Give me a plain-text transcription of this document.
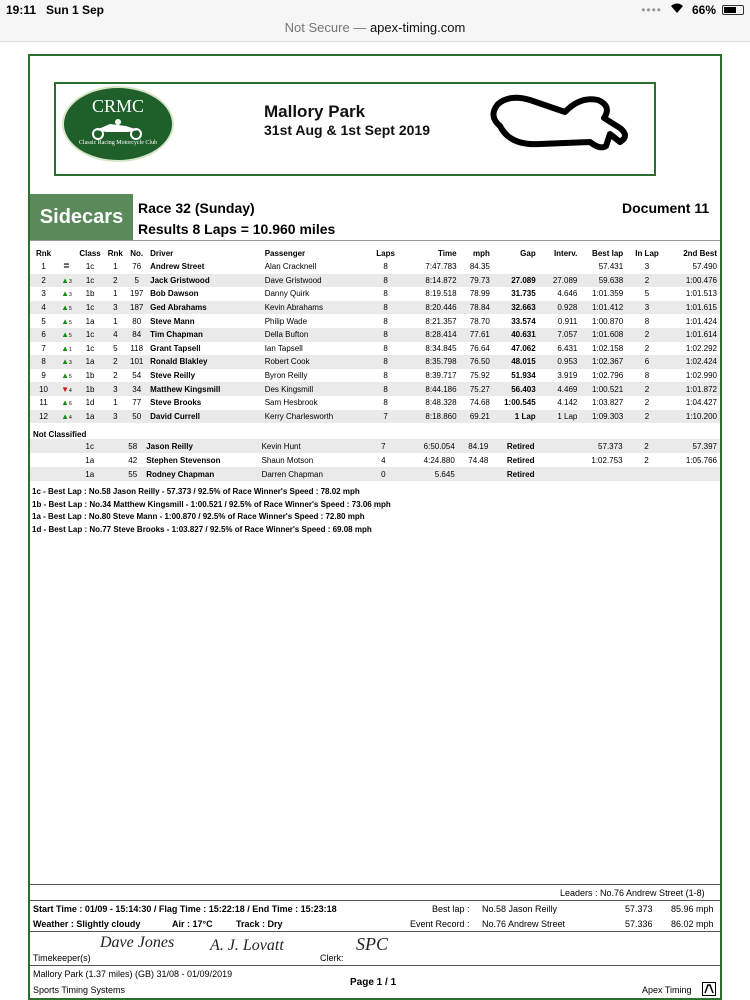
19:11 Sun 1 Sep	•••• 66%
Not Secure — apex-timing.com
CRMC
Classic Racing Motorcycle Club
Mallory Park
31st Aug & 1st Sept 2019
Sidecars	Race 32 (Sunday)
Results 8 Laps = 10.960 miles
Document 11
Rnk		Class	Rnk	No.	Driver	Passenger	Laps	Time	mph	Gap	Interv.	Best lap	In Lap	2nd Best
1	=	1c	1	76	Andrew Street	Alan Cracknell	8	7:47.783	84.35			57.431	3	57.490
2	▲3	1c	2	5	Jack Gristwood	Dave Gristwood	8	8:14.872	79.73	27.089	27.089	59.638	2	1:00.476
3	▲3	1b	1	197	Bob Dawson	Danny Quirk	8	8:19.518	78.99	31.735	4.646	1:01.359	5	1:01.513
4	▲5	1c	3	187	Ged Abrahams	Kevin Abrahams	8	8:20.446	78.84	32.663	0.928	1:01.412	3	1:01.615
5	▲5	1a	1	80	Steve Mann	Philip Wade	8	8:21.357	78.70	33.574	0.911	1:00.870	8	1:01.424
6	▲5	1c	4	84	Tim Chapman	Della Bufton	8	8:28.414	77.61	40.631	7.057	1:01.608	2	1:01.614
7	▲1	1c	5	118	Grant Tapsell	Ian Tapsell	8	8:34.845	76.64	47.062	6.431	1:02.158	2	1:02.292
8	▲3	1a	2	101	Ronald Blakley	Robert Cook	8	8:35.798	76.50	48.015	0.953	1:02.367	6	1:02.424
9	▲5	1b	2	54	Steve Reilly	Byron Reilly	8	8:39.717	75.92	51.934	3.919	1:02.796	8	1:02.990
10	▼4	1b	3	34	Matthew Kingsmill	Des Kingsmill	8	8:44.186	75.27	56.403	4.469	1:00.521	2	1:01.872
11	▲6	1d	1	77	Steve Brooks	Sam Hesbrook	8	8:48.328	74.68	1:00.545	4.142	1:03.827	2	1:04.427
12	▲4	1a	3	50	David Currell	Kerry Charlesworth	7	8:18.860	69.21	1 Lap	1 Lap	1:09.303	2	1:10.200
Not Classified
		1c		58	Jason Reilly	Kevin Hunt	7	6:50.054	84.19	Retired		57.373	2	57.397
		1a		42	Stephen Stevenson	Shaun Motson	4	4:24.880	74.48	Retired		1:02.753	2	1:05.766
		1a		55	Rodney Chapman	Darren Chapman	0	5.645		Retired				
1c - Best Lap : No.58 Jason Reilly - 57.373 / 92.5% of Race Winner's Speed : 78.02 mph
1b - Best Lap : No.34 Matthew Kingsmill - 1:00.521 / 92.5% of Race Winner's Speed : 73.06 mph
1a - Best Lap : No.80 Steve Mann - 1:00.870 / 92.5% of Race Winner's Speed : 72.80 mph
1d - Best Lap : No.77 Steve Brooks - 1:03.827 / 92.5% of Race Winner's Speed : 69.08 mph
Leaders : No.76 Andrew Street (1-8)
Start Time : 01/09 - 15:14:30 / Flag Time : 15:22:18 / End Time : 15:23:18
Weather : Slightly cloudy	Air : 17°C	Track : Dry
Best lap : No.58 Jason Reilly	57.373 85.96 mph
Event Record : No.76 Andrew Street	57.336 86.02 mph
Timekeeper(s)
Dave Jones A. J. Lovatt
Clerk:
SPC
Mallory Park (1.37 miles) (GB) 31/08 - 01/09/2019
Page 1 / 1
Sports Timing Systems	Apex Timing
